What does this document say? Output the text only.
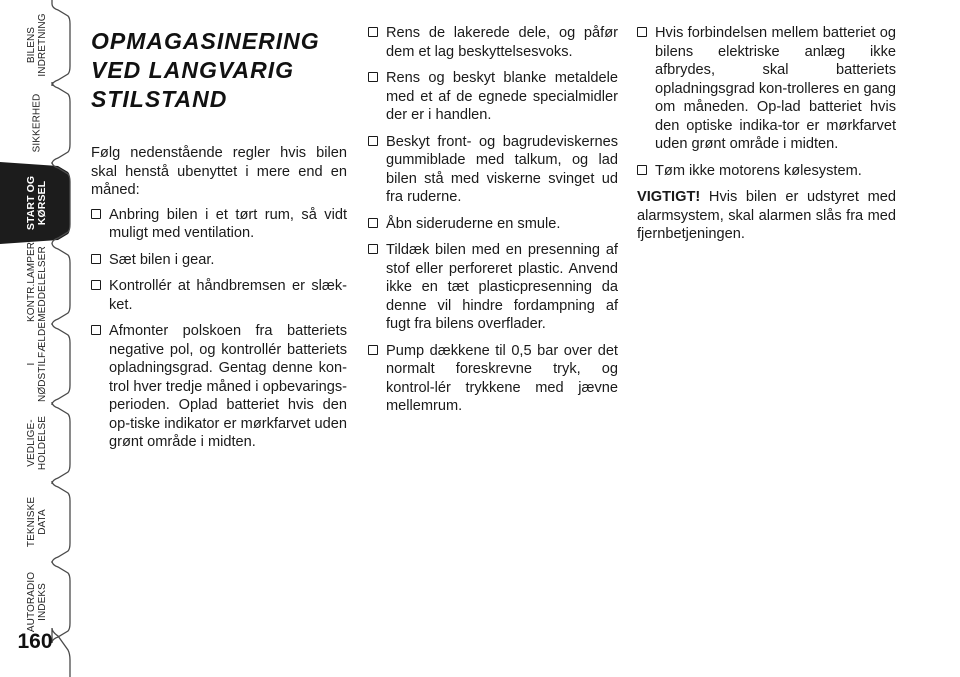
BILENS
INDRETNING
SIKKERHED
START OG
KØRSEL
KONTR.LAMPER
MEDDELELSER
I NØDSTILFÆLDE
VEDLIGE-
HOLDELSE
TEKNISKE DATA
AUTORADIO
INDEKS
160
OPMAGASINERING
VED LANGVARIG
STILSTAND

Følg nedenstående regler hvis bilen skal henstå ubenyttet i mere end en måned:

Anbring bilen i et tørt rum, så vidt muligt med ventilation.
Sæt bilen i gear.
Kontrollér at håndbremsen er slæk-ket.
Afmonter polskoen fra batteriets negative pol, og kontrollér batteriets opladningsgrad. Gentag denne kon-trol hver tredje måned i opbevarings-perioden. Oplad batteriet hvis den op-tiske indikator er mørkfarvet uden grønt område i midten.
Rens de lakerede dele, og påfør dem et lag beskyttelsesvoks.
Rens og beskyt blanke metaldele med et af de egnede specialmidler der er i handlen.
Beskyt front- og bagrudeviskernes gummiblade med talkum, og lad bilen stå med viskerne svinget ud fra ruderne.
Åbn sideruderne en smule.
Tildæk bilen med en presenning af stof eller perforeret plastic. Anvend ikke en tæt plasticpresenning da denne vil hindre fordampning af fugt fra bilens overflader.
Pump dækkene til 0,5 bar over det normalt foreskrevne tryk, og kontrol-lér trykkene med jævne mellemrum.
Hvis forbindelsen mellem batteriet og bilens elektriske anlæg ikke afbrydes, skal batteriets opladningsgrad kon-trolleres en gang om måneden. Op-lad batteriet hvis den optiske indika-tor er mørkfarvet uden grønt område i midten.
Tøm ikke motorens kølesystem.

VIGTIGT! Hvis bilen er udstyret med alarmsystem, skal alarmen slås fra med fjernbetjeningen.
